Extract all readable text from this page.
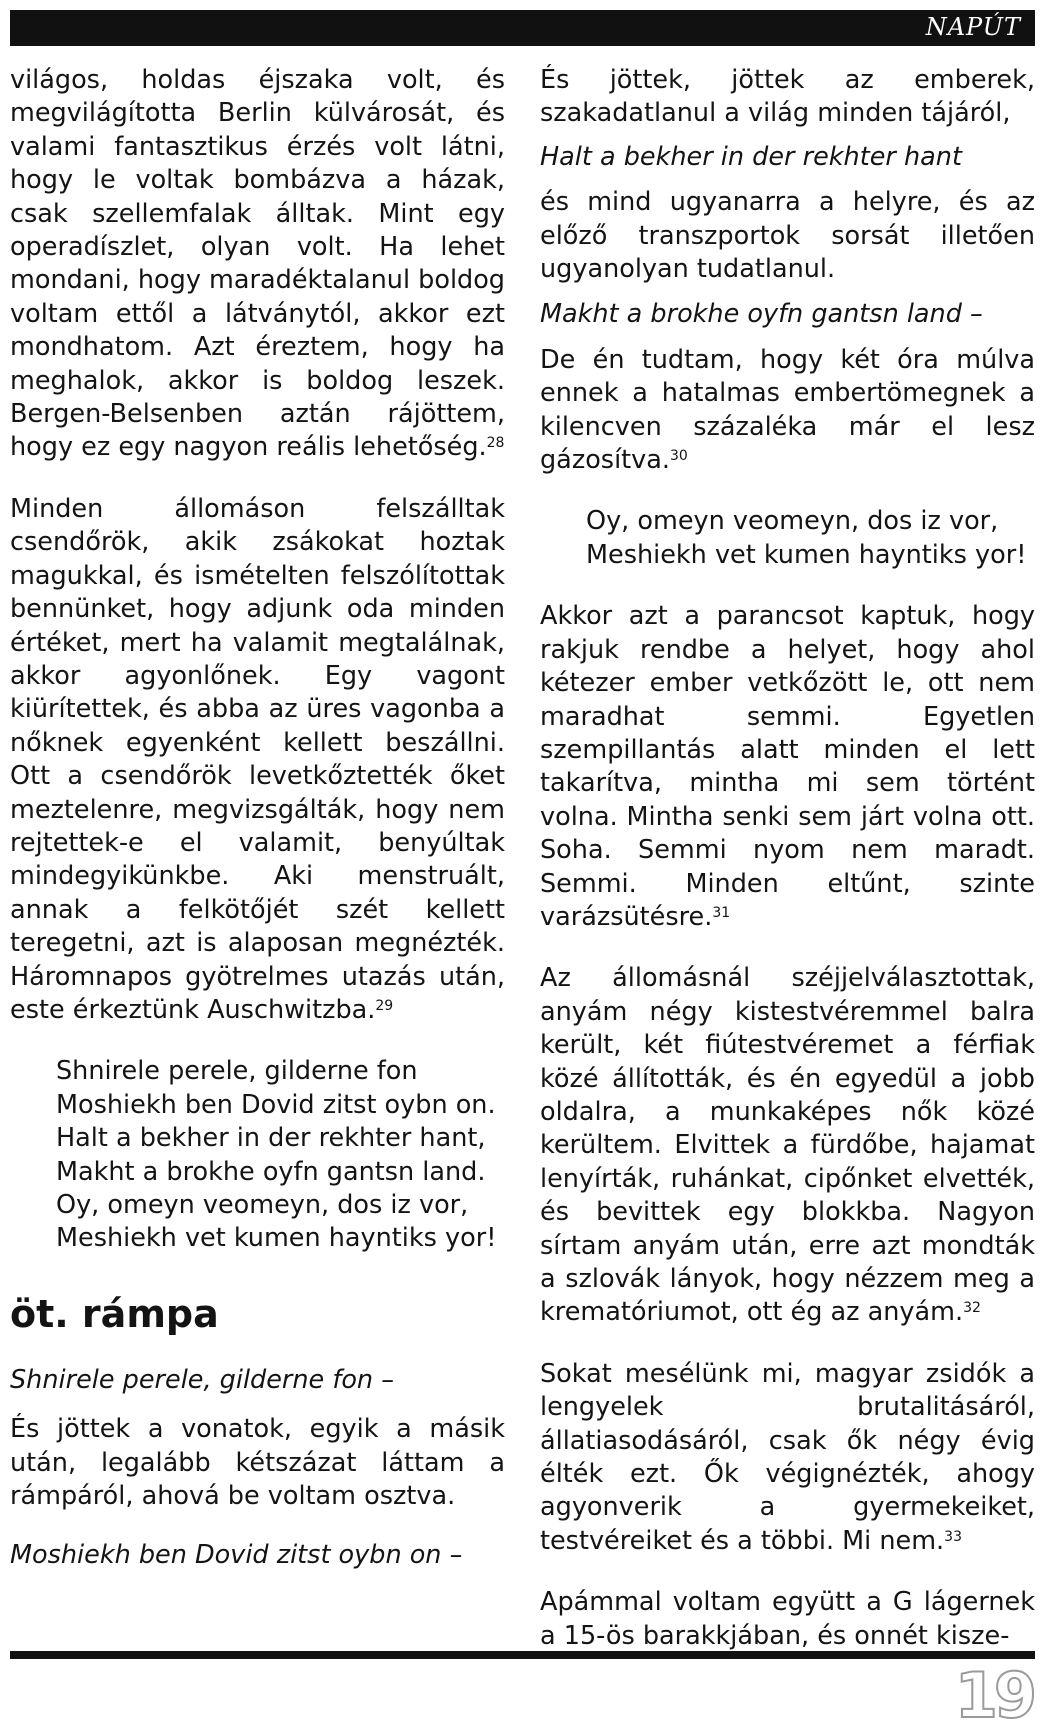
NAPÚT

világos, holdas éjszaka volt, és megvilágította Berlin külvárosát, és valami fantasztikus érzés volt látni, hogy le voltak bombázva a házak, csak szellemfalak álltak. Mint egy operadíszlet, olyan volt. Ha lehet mondani, hogy maradéktalanul boldog voltam ettől a látványtól, akkor ezt mondhatom. Azt éreztem, hogy ha meghalok, akkor is boldog leszek. Bergen-Belsenben aztán rájöttem, hogy ez egy nagyon reális lehetőség.$^{28}$

Minden állomáson felszálltak csendőrök, akik zsákokat hoztak magukkal, és ismételten felszólítottak bennünket, hogy adjunk oda minden értéket, mert ha valamit megtalálnak, akkor agyonlőnek. Egy vagont kiürítettek, és abba az üres vagonba a nőknek egyenként kellett beszállni. Ott a csendőrök levetkőztették őket meztelenre, megvizsgálták, hogy nem rejtettek-e el valamit, benyúltak mindegyikünkbe. Aki menstruált, annak a felkötőjét szét kellett teregetni, azt is alaposan megnézték. Háromnapos gyötrelmes utazás után, este érkeztünk Auschwitzba.$^{29}$

Shnirele perele, gilderne fon

Moshiekh ben Dovid zitst oybn on.

Halt a bekher in der rekhter hant,

Makht a brokhe oyfn gantsn land.

Oy, omeyn veomeyn, dos iz vor,

Meshiekh vet kumen hayntiks yor!

öt. rámpa

Shnirele perele, gilderne fon –

És jöttek a vonatok, egyik a másik után, legalább kétszázat láttam a rámpáról, ahová be voltam osztva.

Moshiekh ben Dovid zitst oybn on –

És jöttek, jöttek az emberek, szakadatlanul a világ minden tájáról,

Halt a bekher in der rekhter hant

és mind ugyanarra a helyre, és az előző transzportok sorsát illetően ugyanolyan tudatlanul.

Makht a brokhe oyfn gantsn land –

De én tudtam, hogy két óra múlva ennek a hatalmas embertömegnek a kilencven százaléka már el lesz gázosítva.$^{30}$

Oy, omeyn veomeyn, dos iz vor,

Meshiekh vet kumen hayntiks yor!

Akkor azt a parancsot kaptuk, hogy rakjuk rendbe a helyet, hogy ahol kétezer ember vetkőzött le, ott nem maradhat semmi. Egyetlen szempillantás alatt minden el lett takarítva, mintha mi sem történt volna. Mintha senki sem járt volna ott. Soha. Semmi nyom nem maradt. Semmi. Minden eltűnt, szinte varázsütésre.$^{31}$

Az állomásnál széjjelválasztottak, anyám négy kistestvéremmel balra került, két fiútestvéremet a férfiak közé állították, és én egyedül a jobb oldalra, a munkaképes nők közé kerültem. Elvittek a fürdőbe, hajamat lenyírták, ruhánkat, cipőnket elvették, és bevittek egy blokkba. Nagyon sírtam anyám után, erre azt mondták a szlovák lányok, hogy nézzem meg a krematóriumot, ott ég az anyám.$^{32}$

Sokat mesélünk mi, magyar zsidók a lengyelek brutalitásáról, állatiasodásáról, csak ők négy évig élték ezt. Ők végignézték, ahogy agyonverik a gyermekeiket, testvéreiket és a többi. Mi nem.$^{33}$

Apámmal voltam együtt a G lágernek a 15-ös barakkjában, és onnét kisze-

19
